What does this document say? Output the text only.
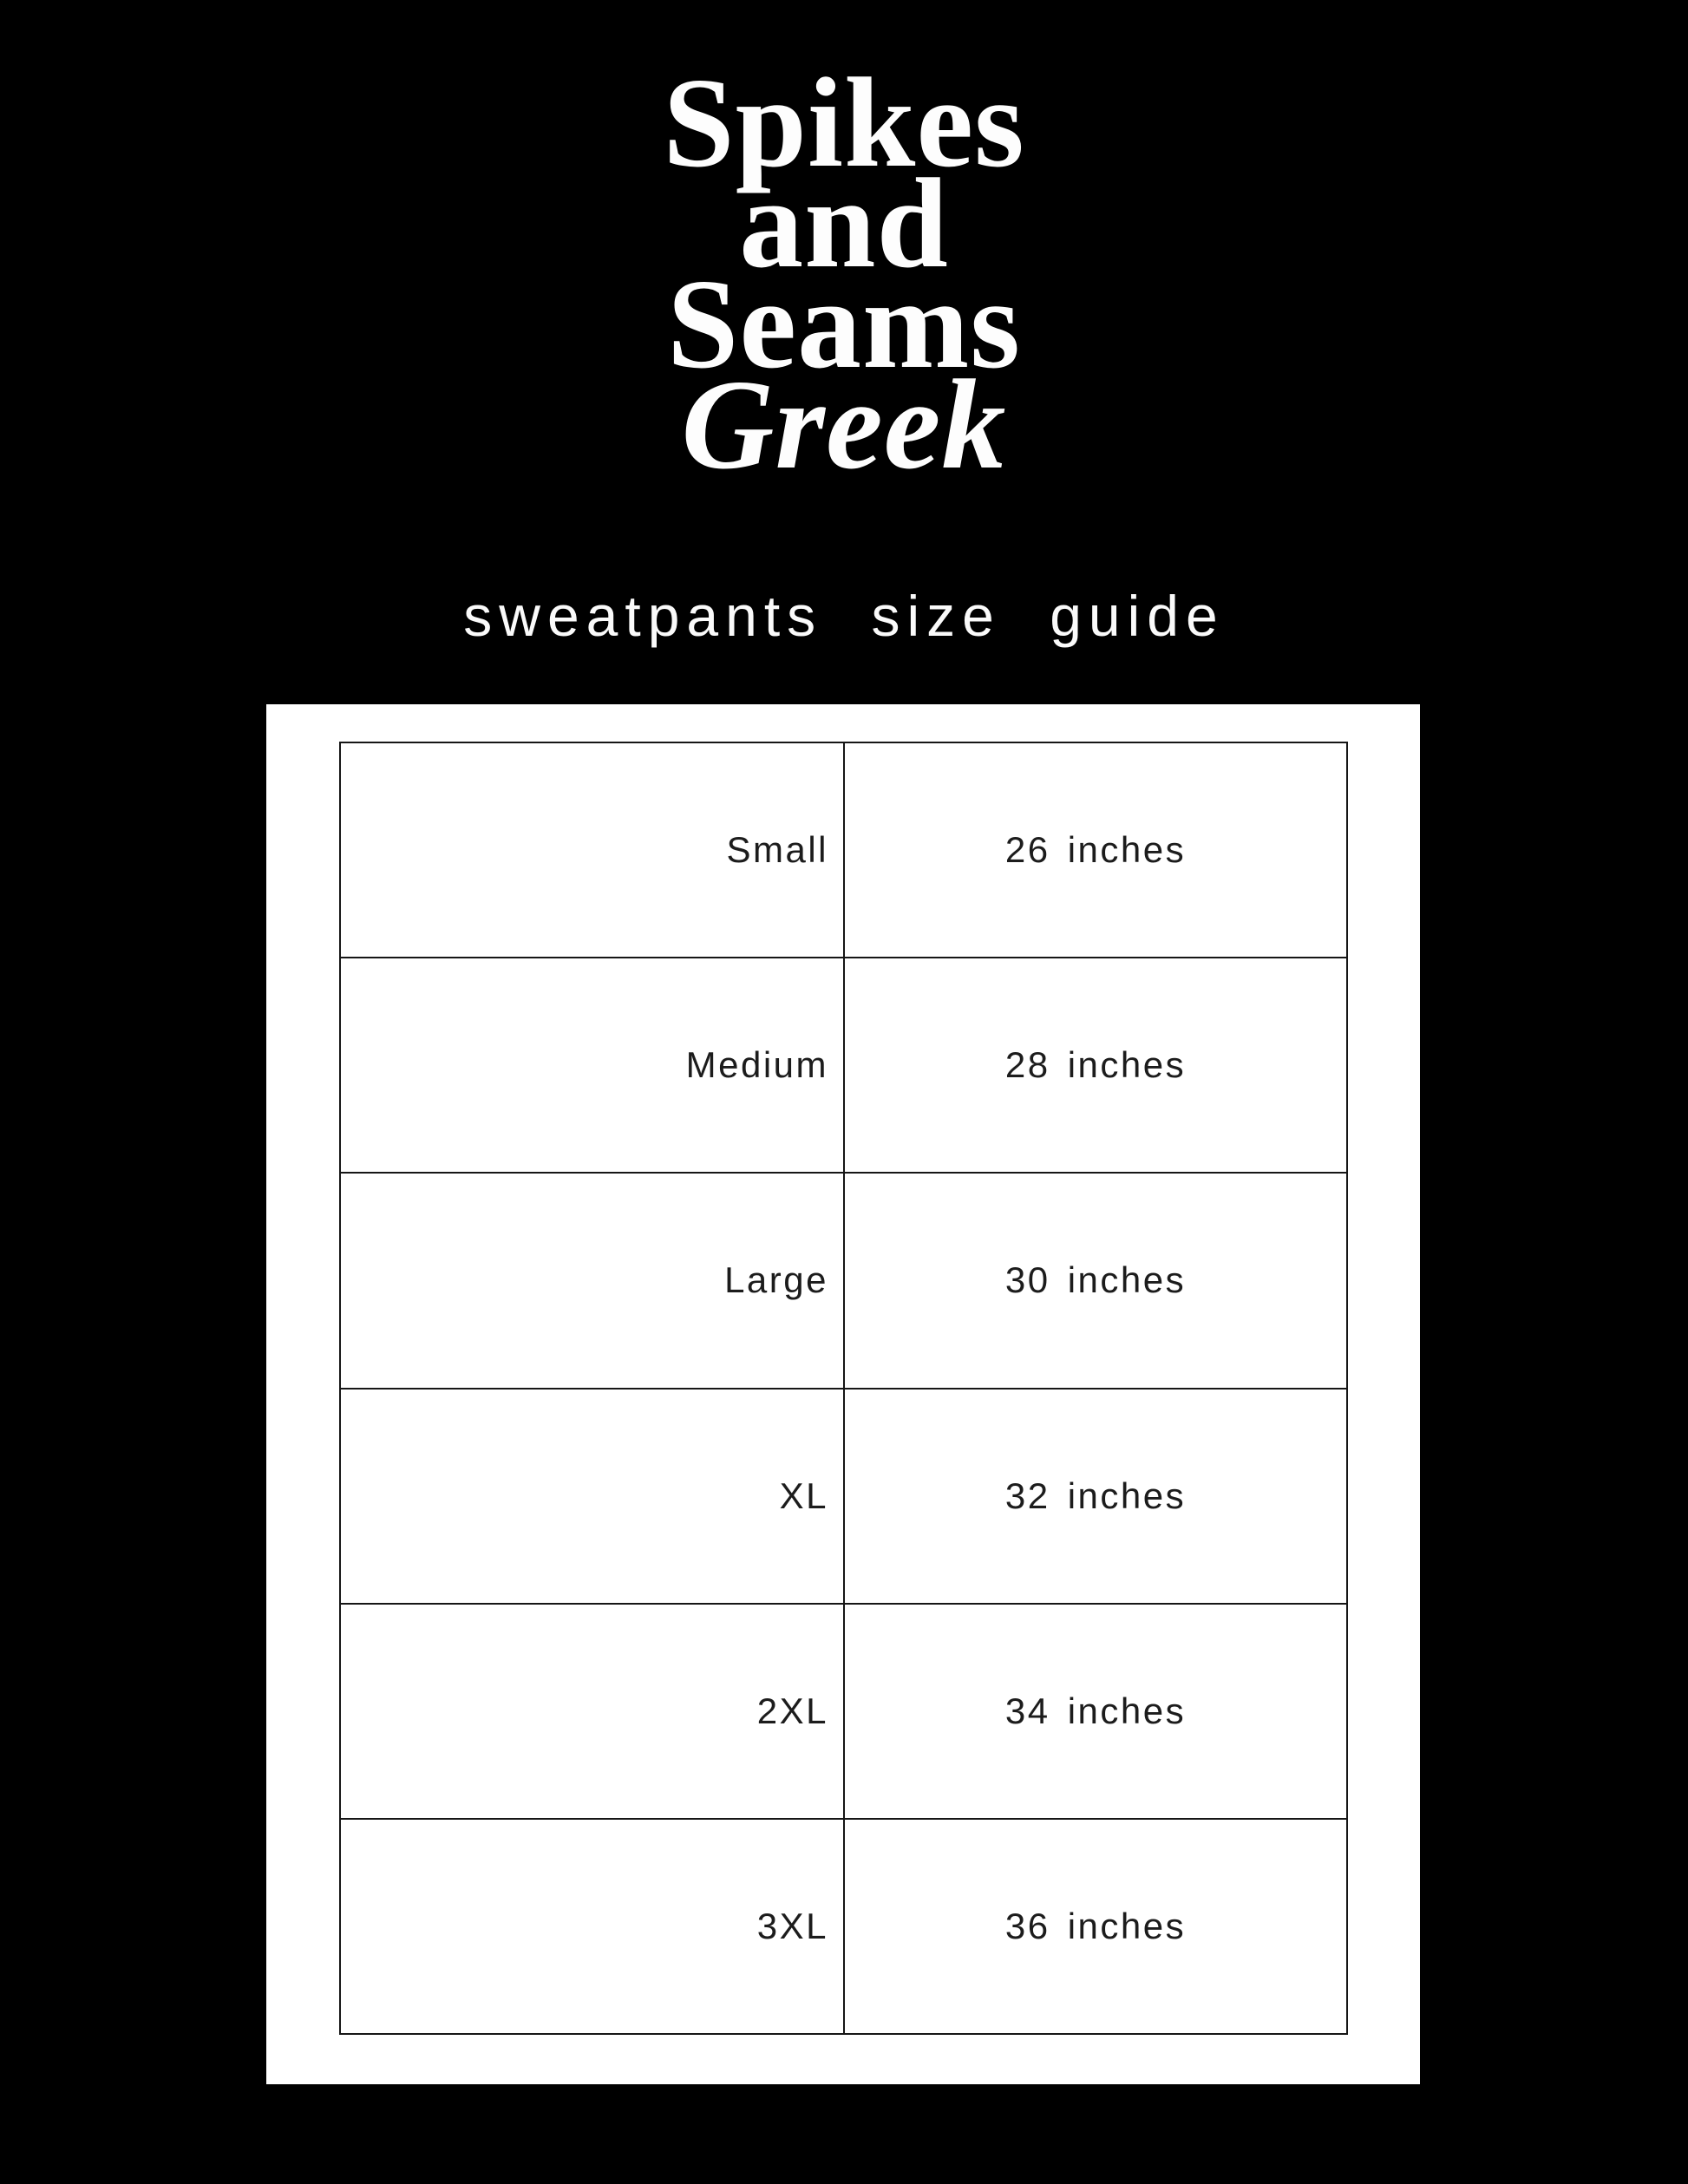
Spikes
and
Seams
Greek
sweatpants size guide
Small	26 inches
Medium	28 inches
Large	30 inches
XL	32 inches
2XL	34 inches
3XL	36 inches
